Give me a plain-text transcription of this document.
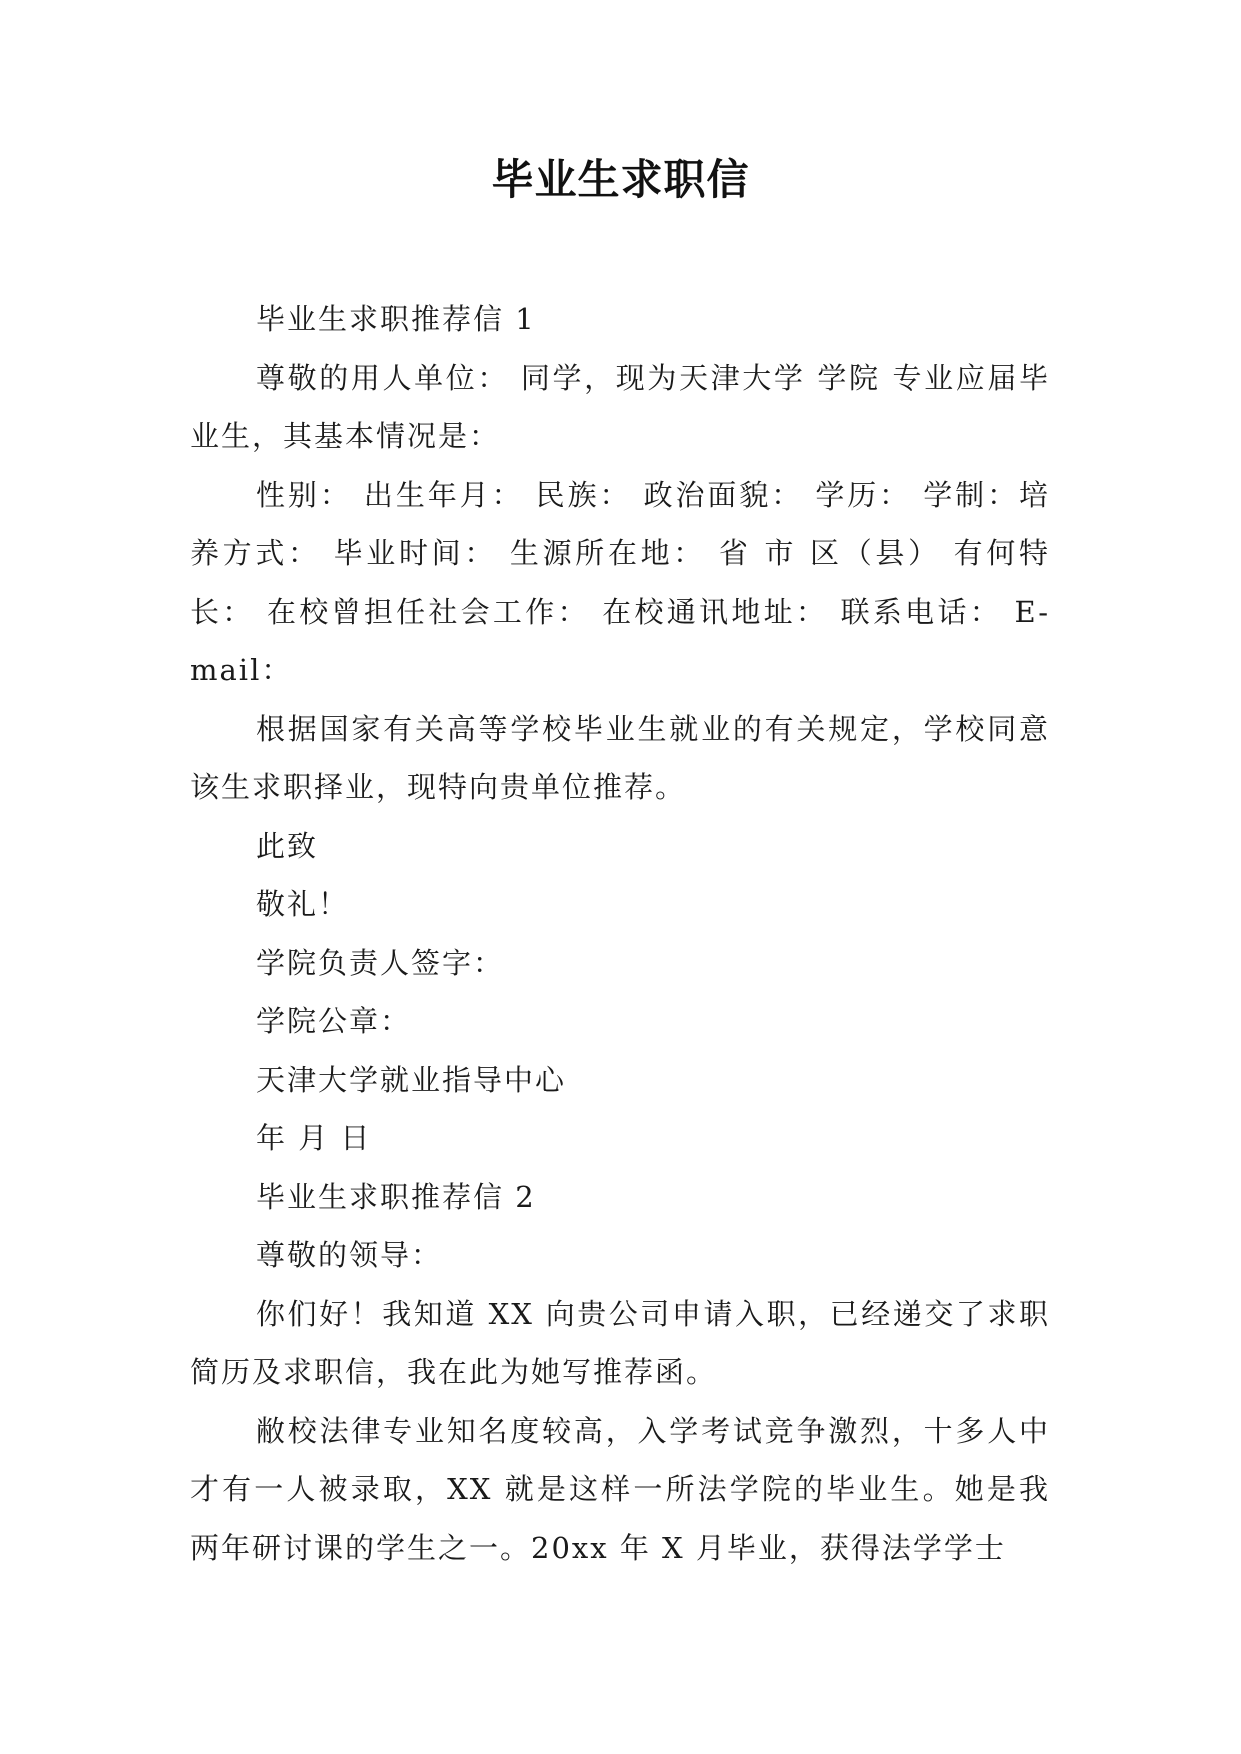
毕业生求职信

毕业生求职推荐信 1

尊敬的用人单位： 同学，现为天津大学 学院 专业应届毕业生，其基本情况是：

性别： 出生年月： 民族： 政治面貌： 学历： 学制：培养方式： 毕业时间： 生源所在地： 省 市 区（县） 有何特长： 在校曾担任社会工作： 在校通讯地址： 联系电话： E-mail：

根据国家有关高等学校毕业生就业的有关规定，学校同意该生求职择业，现特向贵单位推荐。

此致

敬礼！

学院负责人签字：

学院公章：

天津大学就业指导中心

年 月 日

毕业生求职推荐信 2

尊敬的领导：

你们好！我知道 XX 向贵公司申请入职，已经递交了求职简历及求职信，我在此为她写推荐函。

敝校法律专业知名度较高，入学考试竞争激烈，十多人中才有一人被录取，XX 就是这样一所法学院的毕业生。她是我两年研讨课的学生之一。20xx 年 X 月毕业，获得法学学士
